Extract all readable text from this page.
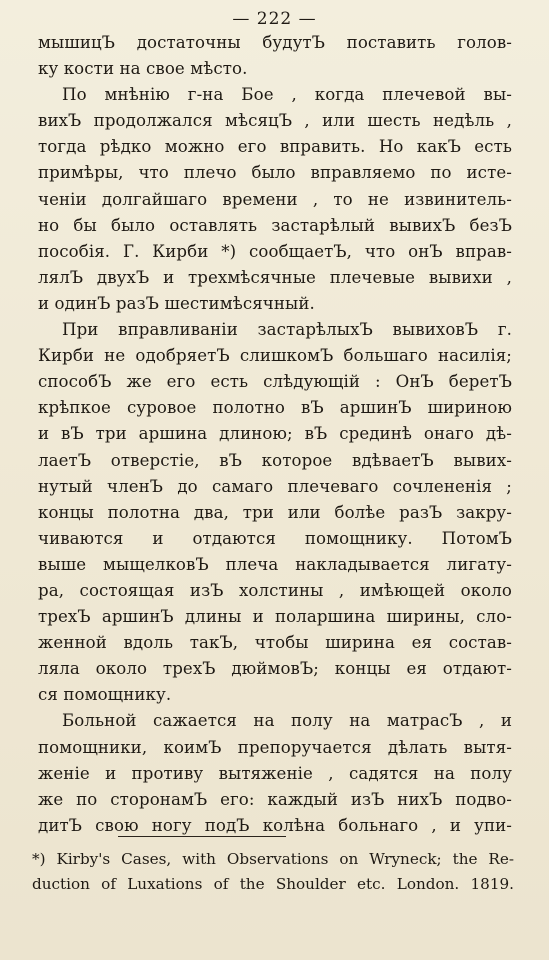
— 222 —
мышицЪ достаточны будутЪ поставить голов-
ку кости на свое мѣсто.
По мнѣнію г-на Бое , когда плечевой вы-
вихЪ продолжался мѣсяцЪ , или шесть недѣль ,
тогда рѣдко можно его вправить. Но какЪ есть
примѣры, что плечо было вправляемо по исте-
ченіи долгайшаго времени , то не извинитель-
но бы было оставлять застарѣлый вывихЪ безЪ
пособія. Г. Кирби *) сообщаетЪ, что онЪ вправ-
лялЪ двухЪ и трехмѣсячные плечевые вывихи ,
и одинЪ разЪ шестимѣсячный.
При вправливаніи застарѣлыхЪ вывиховЪ г.
Кирби не одобряетЪ слишкомЪ большаго насилія;
способЪ же его есть слѣдующій : ОнЪ беретЪ
крѣпкое суровое полотно вЪ аршинЪ шириною
и вЪ три аршина длиною; вЪ срединѣ онаго дѣ-
лаетЪ отверстіе, вЪ которое вдѣваетЪ вывих-
нутый членЪ до самаго плечеваго сочлененія ;
концы полотна два, три или болѣе разЪ закру-
чиваются и отдаются помощнику. ПотомЪ
выше мыщелковЪ плеча накладывается лигату-
ра, состоящая изЪ холстины , имѣющей около
трехЪ аршинЪ длины и поларшина ширины, сло-
женной вдоль такЪ, чтобы ширина ея состав-
ляла около трехЪ дюймовЪ; концы ея отдают-
ся помощнику.
Больной сажается на полу на матрасЪ , и
помощники, коимЪ препоручается дѣлать вытя-
женіе и противу вытяженіе , садятся на полу
же по сторонамЪ его: каждый изЪ нихЪ подво-
дитЪ свою ногу подЪ колѣна больнаго , и упи-
*) Kirby's Cases, with Observations on Wryneck; the Re-
duction of Luxations of the Shoulder etc. London. 1819.
